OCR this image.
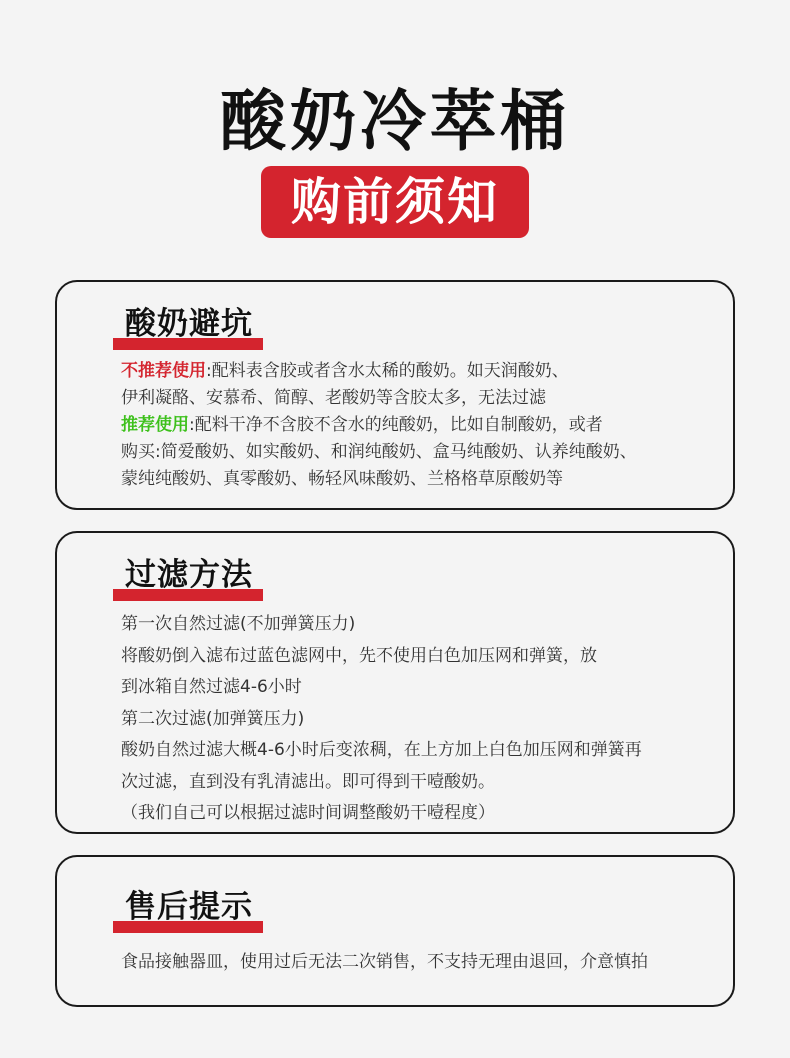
酸奶冷萃桶
购前须知
酸奶避坑
不推荐使用:配料表含胶或者含水太稀的酸奶。如天润酸奶、
伊利凝酪、安慕希、简醇、老酸奶等含胶太多，无法过滤
推荐使用:配料干净不含胶不含水的纯酸奶，比如自制酸奶，或者
购买:简爱酸奶、如实酸奶、和润纯酸奶、盒马纯酸奶、认养纯酸奶、
蒙纯纯酸奶、真零酸奶、畅轻风味酸奶、兰格格草原酸奶等
过滤方法
第一次自然过滤(不加弹簧压力)
将酸奶倒入滤布过蓝色滤网中，先不使用白色加压网和弹簧，放
到冰箱自然过滤4-6小时
第二次过滤(加弹簧压力)
酸奶自然过滤大概4-6小时后变浓稠，在上方加上白色加压网和弹簧再
次过滤，直到没有乳清滤出。即可得到干噎酸奶。
（我们自己可以根据过滤时间调整酸奶干噎程度）
售后提示
食品接触器皿，使用过后无法二次销售，不支持无理由退回，介意慎拍
